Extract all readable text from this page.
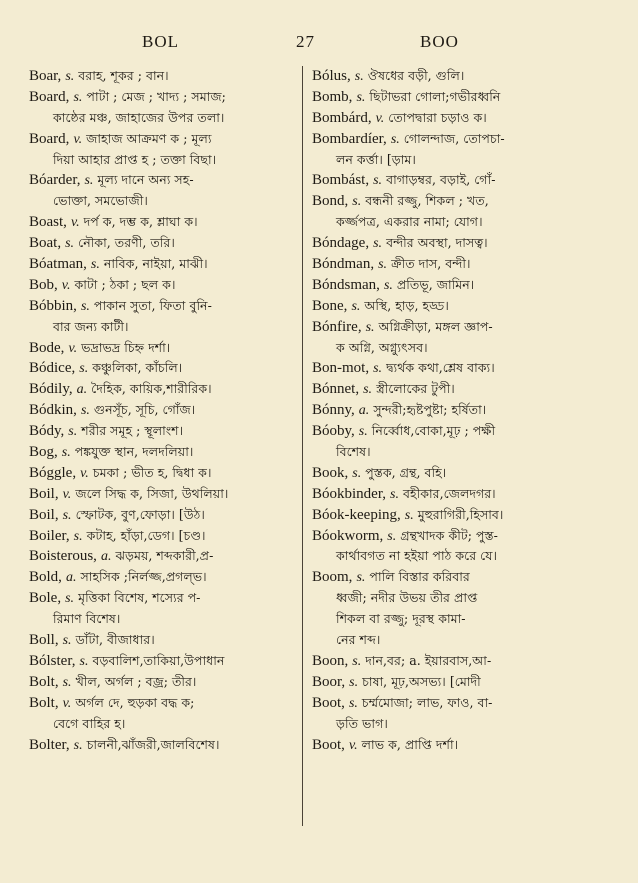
BOL	27	BOO
Boar, s. বরাহ, শূকর ; বান।
Board, s. পাটা ; মেজ ; খাদ্য ; সমাজ;
কাষ্ঠের মঞ্চ, জাহাজের উপর তলা।
Board, v. জাহাজ আক্রমণ ক ; মূল্য
দিয়া আহার প্রাপ্ত হ ; তক্তা বিছা।
Bóarder, s. মূল্য দানে অন্য সহ-
ভোক্তা, সমভোজী।
Boast, v. দর্প ক, দম্ভ ক, শ্লাঘা ক।
Boat, s. নৌকা, তরণী, তরি।
Bóatman, s. নাবিক, নাইয়া, মাঝী।
Bob, v. কাটা ; ঠকা ; ছল ক।
Bóbbin, s. পাকান সুতা, ফিতা বুনি-
বার জন্য কাটী।
Bode, v. ভদ্রাভদ্র চিহ্ন দর্শা।
Bódice, s. কঞ্চুলিকা, কাঁচলি।
Bódily, a. দৈহিক, কায়িক,শারীরিক।
Bódkin, s. গুনসূঁচ, সূচি, গোঁজ।
Bódy, s. শরীর সমূহ ; স্থূলাংশ।
Bog, s. পঙ্কযুক্ত স্থান, দলদলিয়া।
Bóggle, v. চমকা ; ভীত হ, দ্বিধা ক।
Boil, v. জলে সিদ্ধ ক, সিজা, উথলিয়া।
Boil, s. স্ফোটক, বুণ,ফোড়া। [উঠ।
Boiler, s. কটাহ, হাঁড়া,ডেগ। [চণ্ড।
Boisterous, a. ঝড়ময়, শব্দকারী,প্র-
Bold, a. সাহসিক ;নির্লজ্জ,প্রগল্ভ।
Bole, s. মৃত্তিকা বিশেষ, শস্যের প-
রিমাণ বিশেষ।
Boll, s. ডাঁটা, বীজাধার।
Bólster, s. বড়বালিশ,তাকিয়া,উপাধান
Bolt, s. খীল, অর্গল ; বজ্র; তীর।
Bolt, v. অর্গল দে, হুড়কা বদ্ধ ক;
বেগে বাহির হ।
Bolter, s. চালনী,ঝাঁজরী,জালবিশেষ।
Bólus, s. ঔষধের বড়ী, গুলি।
Bomb, s. ছিটাভরা গোলা;গভীরধ্বনি
Bombárd, v. তোপদ্বারা চড়াও ক।
Bombardíer, s. গোলন্দাজ, তোপচা-
লন কর্ত্তা। [ড়াম।
Bombást, s. বাগাড়ম্বর, বড়াই, গোঁ-
Bond, s. বন্ধনী রজ্জু, শিকল ; খত,
কর্জ্জপত্র, একরার নামা; যোগ।
Bóndage, s. বন্দীর অবস্থা, দাসত্ব।
Bóndman, s. ক্রীত দাস, বন্দী।
Bóndsman, s. প্রতিভূ, জামিন।
Bone, s. অস্থি, হাড়, হড্ড।
Bónfire, s. অগ্নিক্রীড়া, মঙ্গল জ্ঞাপ-
ক অগ্নি, অগ্ন্যুৎসব।
Bon-mot, s. দ্ব্যর্থক কথা,শ্লেষ বাক্য।
Bónnet, s. স্ত্রীলোকের টুপী।
Bónny, a. সুন্দরী;হৃষ্টপুষ্টা; হর্ষিতা।
Bóoby, s. নির্ব্বোধ,বোকা,মূঢ় ; পক্ষী
বিশেষ।
Book, s. পুস্তক, গ্রন্থ, বহি।
Bóokbinder, s. বহীকার,জেলদগর।
Bóok-keeping, s. মুহুরাগিরী,হিসাব।
Bóokworm, s. গ্রন্থখাদক কীট; পুস্ত-
কার্থাবগত না হইয়া পাঠ করে যে।
Boom, s. পালি বিস্তার করিবার
ধ্বজী; নদীর উভয় তীর প্রাপ্ত
শিকল বা রজ্জু; দূরস্থ কামা-
নের শব্দ।
Boon, s. দান,বর; a. ইয়ারবাস,আ-
Boor, s. চাষা, মূঢ়,অসভ্য। [মোদী
Boot, s. চর্ম্মমোজা; লাভ, ফাও, বা-
ড়তি ভাগ।
Boot, v. লাভ ক, প্রাপ্তি দর্শা।
